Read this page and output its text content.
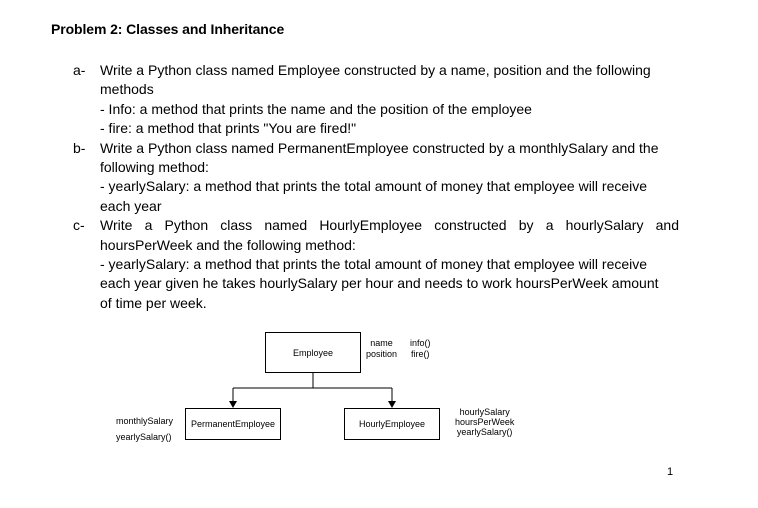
Problem 2: Classes and Inheritance
a- Write a Python class named Employee constructed by a name, position and the following
methods
- Info: a method that prints the name and the position of the employee
- fire: a method that prints "You are fired!"
b- Write a Python class named PermanentEmployee constructed by a monthlySalary and the
following method:
- yearlySalary: a method that prints the total amount of money that employee will receive
each year
c- Write a Python class named HourlyEmployee constructed by a hourlySalary and
hoursPerWeek and the following method:
- yearlySalary: a method that prints the total amount of money that employee will receive
each year given he takes hourlySalary per hour and needs to work hoursPerWeek amount
of time per week.
Employee
name
position
info()
fire()
PermanentEmployee
monthlySalary
yearlySalary()
HourlyEmployee
hourlySalary
hoursPerWeek
yearlySalary()
1
